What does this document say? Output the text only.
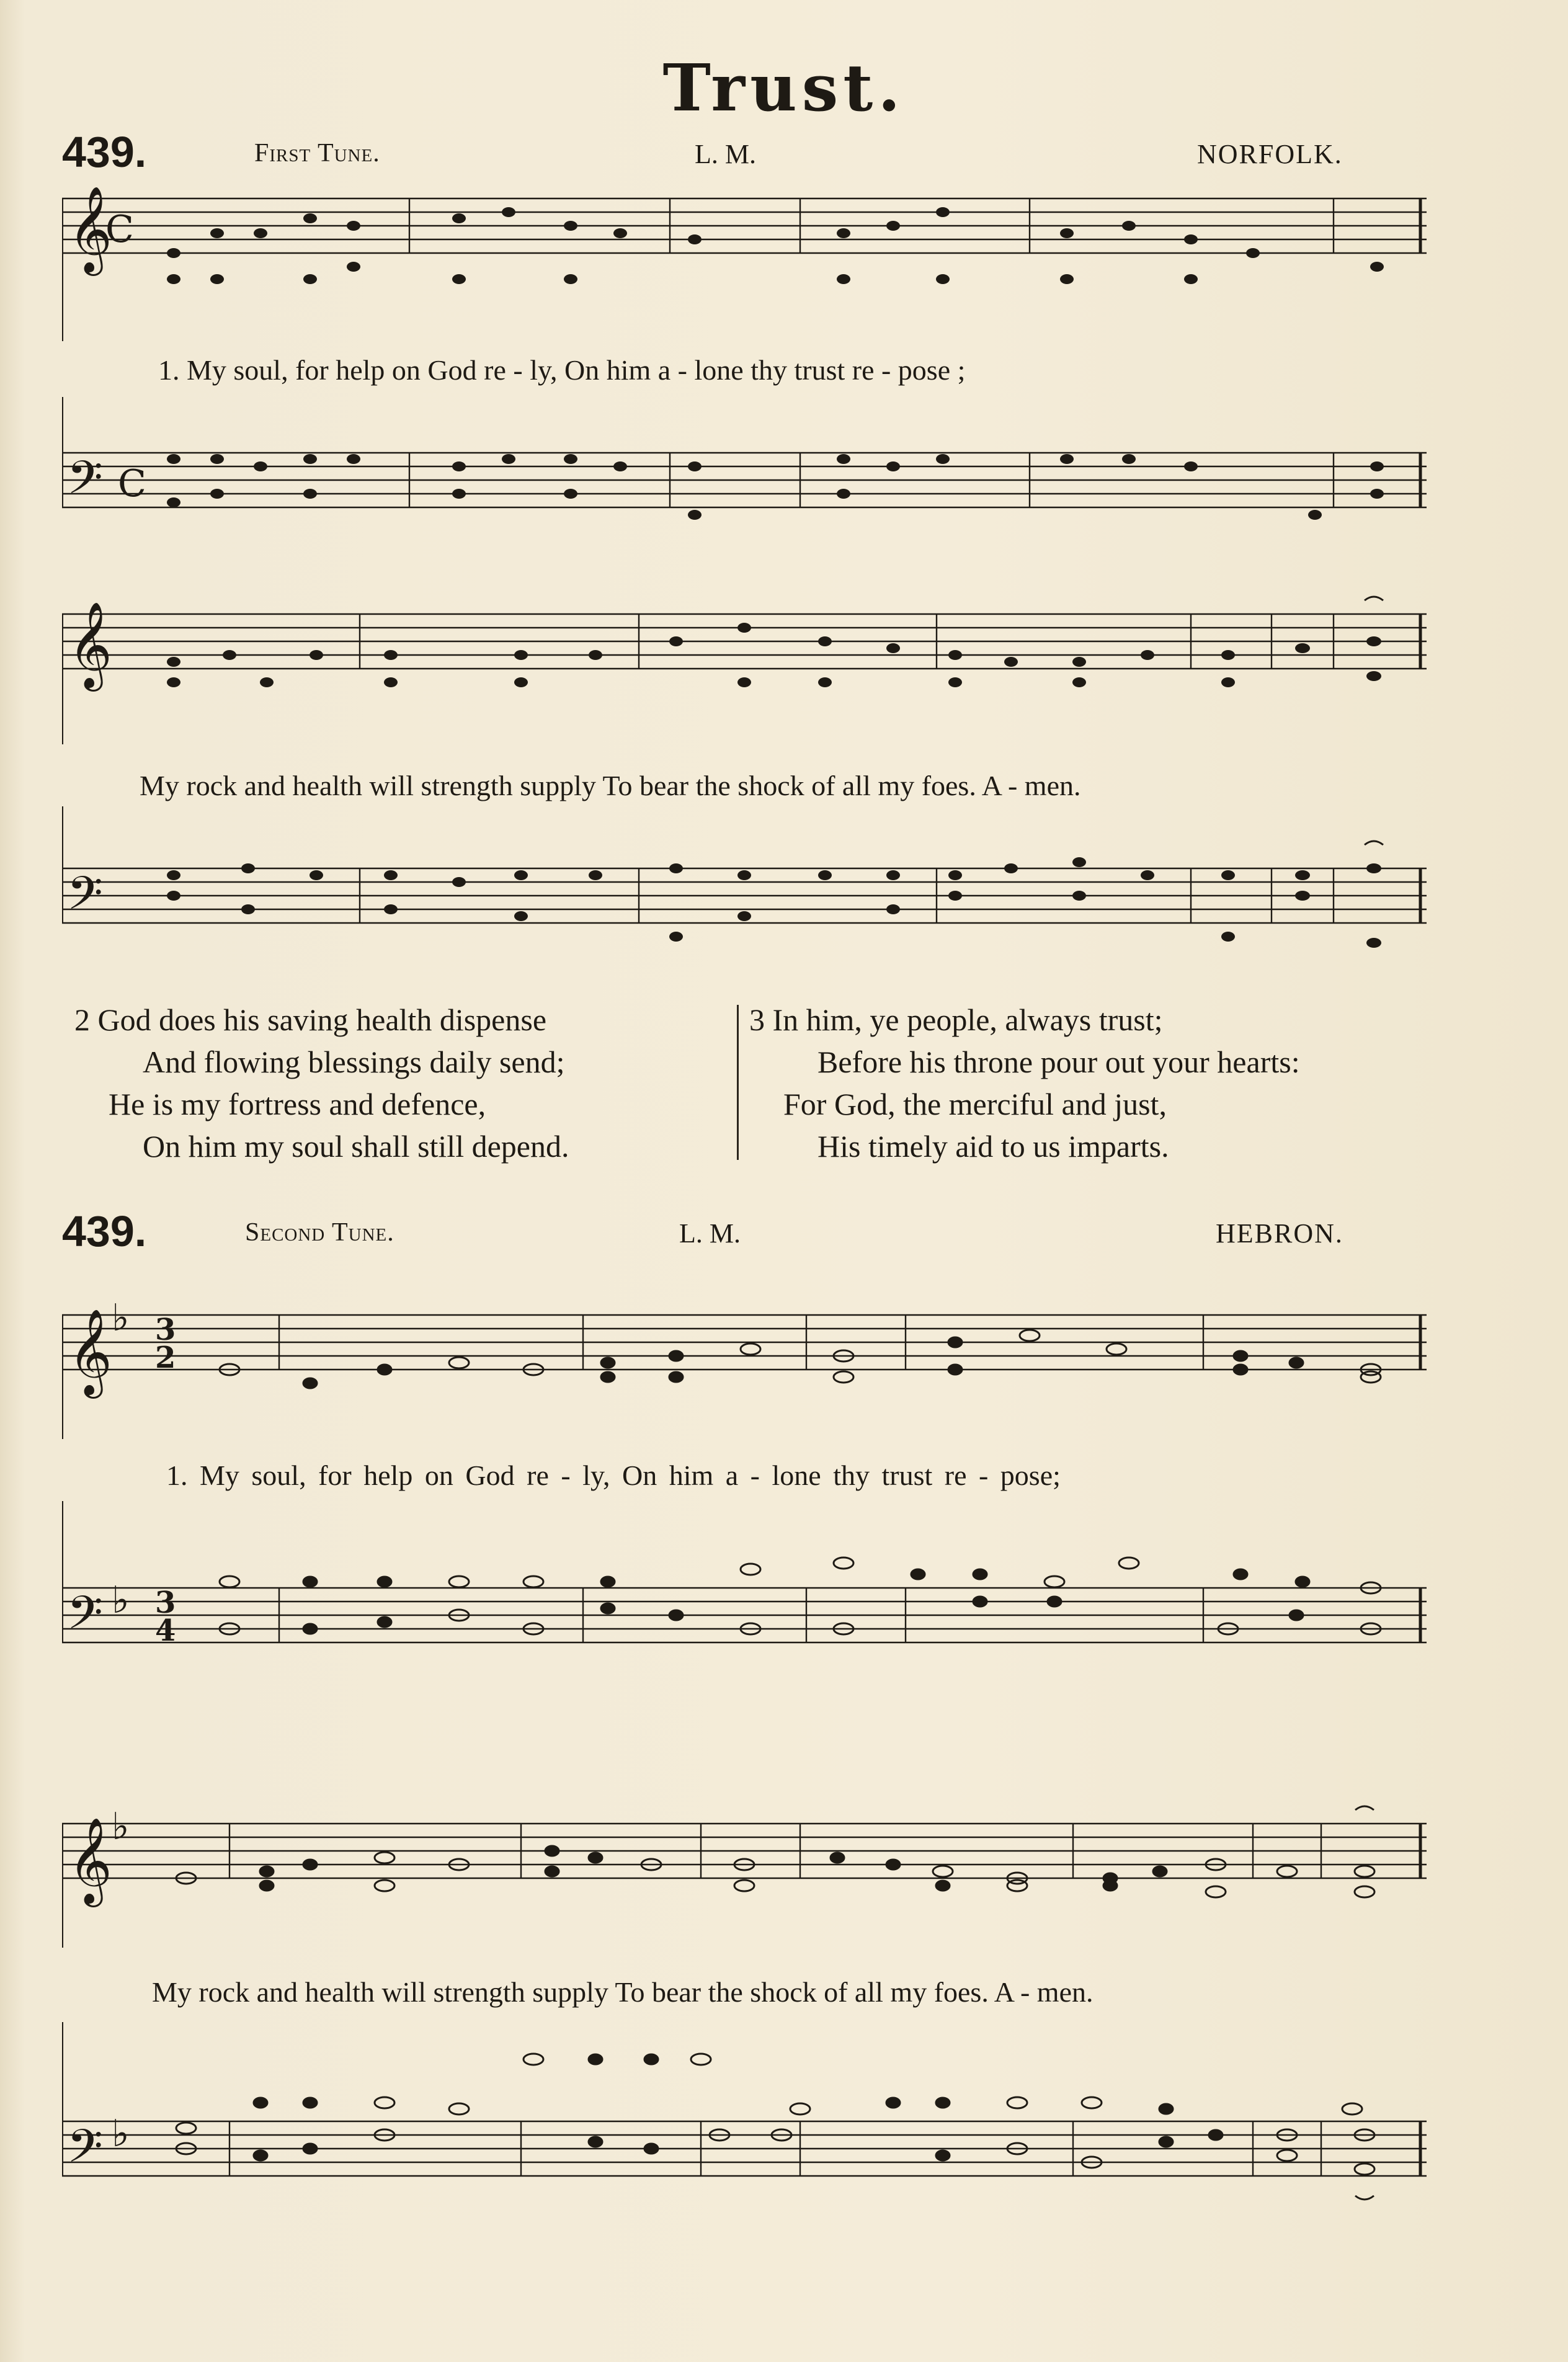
Trust.
439.	First Tune.	L. M.	NORFOLK.
𝄞
C
1. My soul, for help on God re - ly, On him a - lone thy trust re - pose ;
𝄢 C
𝄞
My rock and health will strength supply To bear the shock of all my foes. A - men.
𝄢
2 God does his saving health dispense
And flowing blessings daily send;
He is my fortress and defence,
On him my soul shall still depend.
3 In him, ye people, always trust;
Before his throne pour out your hearts:
For God, the merciful and just,
His timely aid to us imparts.
439.	Second Tune.	L. M.	HEBRON.
𝄞 ♭ 3
2
1. My soul, for help on God re - ly, On him a - lone thy trust re - pose;
𝄢 ♭ 3
4
𝄞 ♭
My rock and health will strength supply To bear the shock of all my foes. A - men.
𝄢 ♭
